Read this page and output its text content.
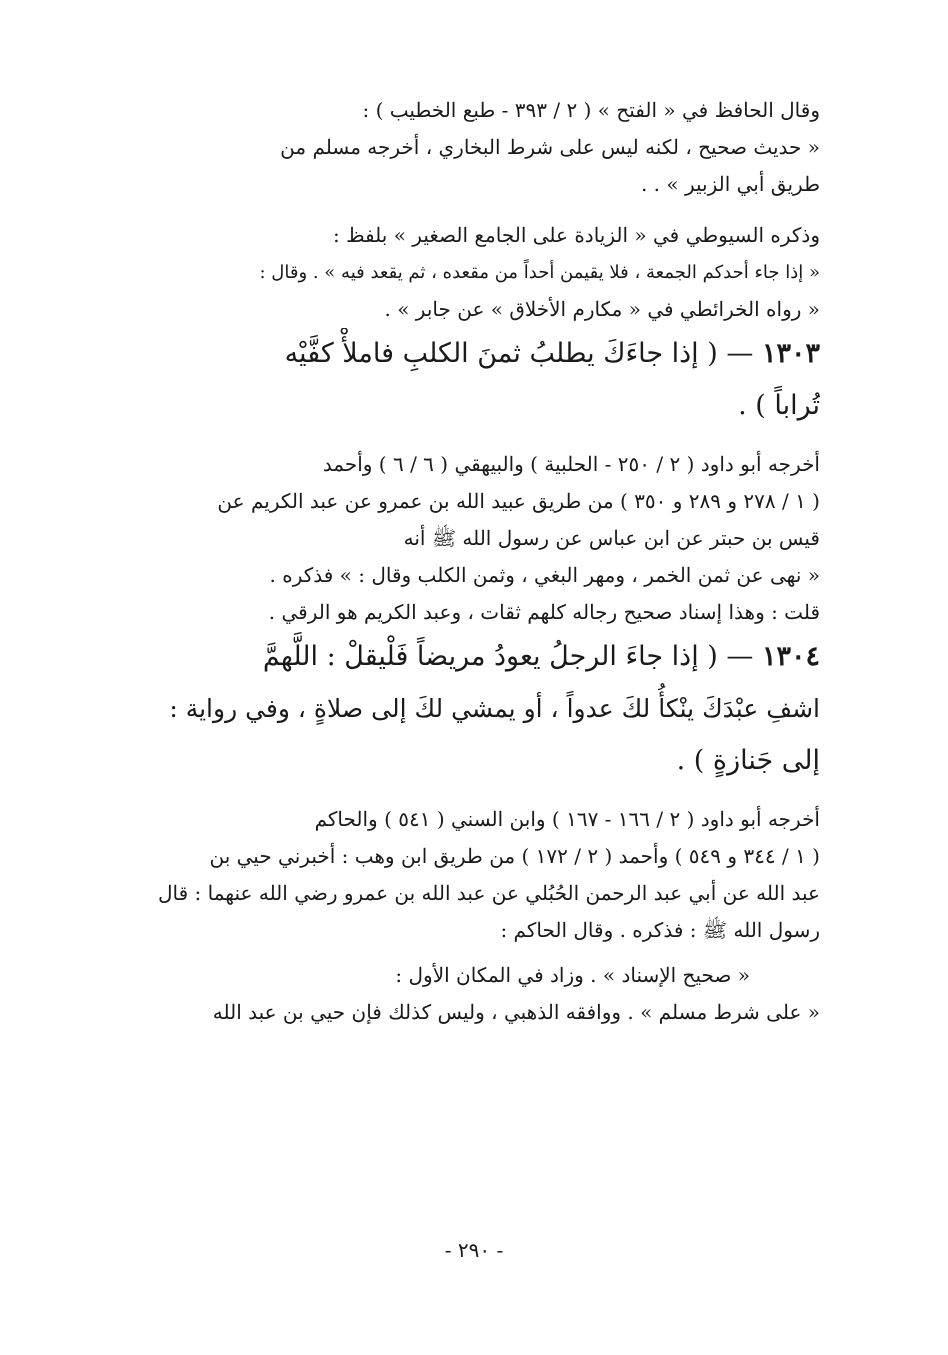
وقال الحافظ في « الفتح » ( ٢ / ٣٩٣ - طبع الخطيب ) :

« حديث صحيح ، لكنه ليس على شرط البخاري ، أخرجه مسلم من

طريق أبي الزبير » . .

وذكره السيوطي في « الزيادة على الجامع الصغير » بلفظ :

« إذا جاء أحدكم الجمعة ، فلا يقيمن أحداً من مقعده ، ثم يقعد فيه » . وقال :

« رواه الخرائطي في « مكارم الأخلاق » عن جابر » .

١٣٠٣ — ( إذا جاءَكَ يطلبُ ثمنَ الكلبِ فاملأْ كفَّيْه

تُراباً ) .

أخرجه أبو داود ( ٢ / ٢٥٠ - الحلبية ) والبيهقي ( ٦ / ٦ ) وأحمد

( ١ / ٢٧٨ و ٢٨٩ و ٣٥٠ ) من طريق عبيد الله بن عمرو عن عبد الكريم عن

قيس بن حبتر عن ابن عباس عن رسول الله ﷺ أنه

« نهى عن ثمن الخمر ، ومهر البغي ، وثمن الكلب وقال : » فذكره .

قلت : وهذا إسناد صحيح رجاله كلهم ثقات ، وعبد الكريم هو الرقي .

١٣٠٤ — ( إذا جاءَ الرجلُ يعودُ مريضاً فَلْيقلْ : اللَّهمَّ

اشفِ عبْدَكَ ينْكأُ لكَ عدواً ، أو يمشي لكَ إلى صلاةٍ ، وفي رواية :

إلى جَنازةٍ ) .

أخرجه أبو داود ( ٢ / ١٦٦ - ١٦٧ ) وابن السني ( ٥٤١ ) والحاكم

( ١ / ٣٤٤ و ٥٤٩ ) وأحمد ( ٢ / ١٧٢ ) من طريق ابن وهب : أخبرني حيي بن

عبد الله عن أبي عبد الرحمن الحُبُلي عن عبد الله بن عمرو رضي الله عنهما : قال

رسول الله ﷺ : فذكره . وقال الحاكم :

« صحيح الإسناد » . وزاد في المكان الأول :

« على شرط مسلم » . ووافقه الذهبي ، وليس كذلك فإن حيي بن عبد الله

- ٢٩٠ -
